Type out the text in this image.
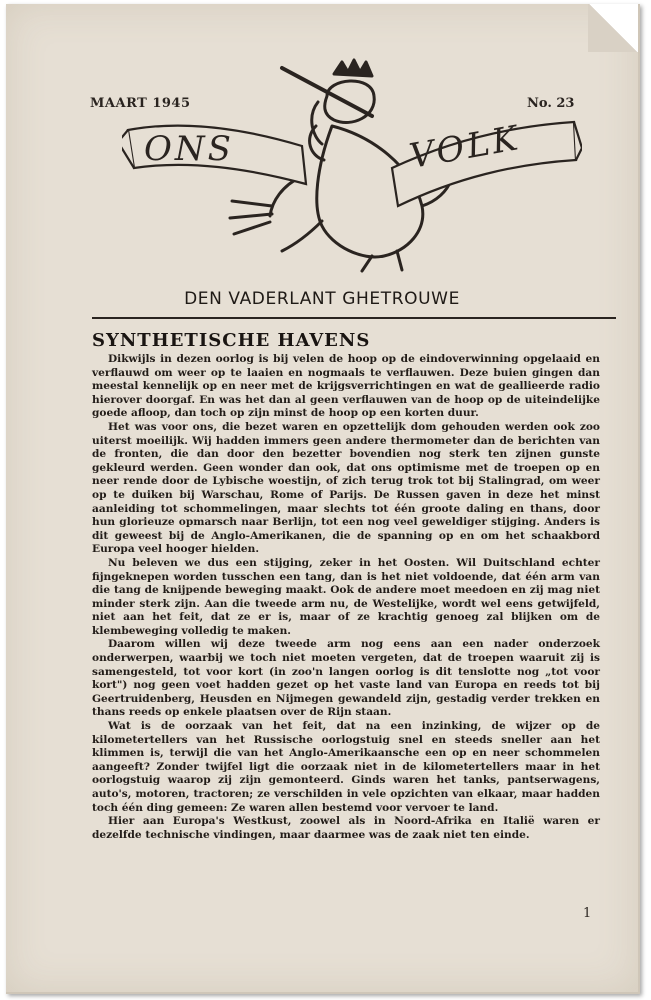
MAART 1945	No. 23
ONS	VOLK
DEN VADERLANT GHETROUWE
SYNTHETISCHE HAVENS

Dikwijls in dezen oorlog is bij velen de hoop op de eindoverwinning opgelaaid en verflauwd om weer op te laaien en nogmaals te verflauwen. Deze buien gingen dan meestal kennelijk op en neer met de krijgsverrichtingen en wat de geallieerde radio hierover doorgaf. En was het dan al geen verflauwen van de hoop op de uiteindelijke goede afloop, dan toch op zijn minst de hoop op een korten duur.

Het was voor ons, die bezet waren en opzettelijk dom gehouden werden ook zoo uiterst moeilijk. Wij hadden immers geen andere thermometer dan de berichten van de fronten, die dan door den bezetter bovendien nog sterk ten zijnen gunste gekleurd werden. Geen wonder dan ook, dat ons optimisme met de troepen op en neer rende door de Lybische woestijn, of zich terug trok tot bij Stalingrad, om weer op te duiken bij Warschau, Rome of Parijs. De Russen gaven in deze het minst aanleiding tot schommelingen, maar slechts tot één groote daling en thans, door hun glorieuze opmarsch naar Berlijn, tot een nog veel geweldiger stijging. Anders is dit geweest bij de Anglo-Amerikanen, die de spanning op en om het schaakbord Europa veel hooger hielden.

Nu beleven we dus een stijging, zeker in het Oosten. Wil Duitschland echter fijngeknepen worden tusschen een tang, dan is het niet voldoende, dat één arm van die tang de knijpende beweging maakt. Ook de andere moet meedoen en zij mag niet minder sterk zijn. Aan die tweede arm nu, de Westelijke, wordt wel eens getwijfeld, niet aan het feit, dat ze er is, maar of ze krachtig genoeg zal blijken om de klembeweging volledig te maken.

Daarom willen wij deze tweede arm nog eens aan een nader onderzoek onderwerpen, waarbij we toch niet moeten vergeten, dat de troepen waaruit zij is samengesteld, tot voor kort (in zoo'n langen oorlog is dit tenslotte nog „tot voor kort") nog geen voet hadden gezet op het vaste land van Europa en reeds tot bij Geertruidenberg, Heusden en Nijmegen gewandeld zijn, gestadig verder trekken en thans reeds op enkele plaatsen over de Rijn staan.

Wat is de oorzaak van het feit, dat na een inzinking, de wijzer op de kilometertellers van het Russische oorlogstuig snel en steeds sneller aan het klimmen is, terwijl die van het Anglo-Amerikaansche een op en neer schommelen aangeeft? Zonder twijfel ligt die oorzaak niet in de kilometertellers maar in het oorlogstuig waarop zij zijn gemonteerd. Ginds waren het tanks, pantserwagens, auto's, motoren, tractoren; ze verschilden in vele opzichten van elkaar, maar hadden toch één ding gemeen: Ze waren allen bestemd voor vervoer te land.

Hier aan Europa's Westkust, zoowel als in Noord-Afrika en Italië waren er dezelfde technische vindingen, maar daarmee was de zaak niet ten einde.

1
